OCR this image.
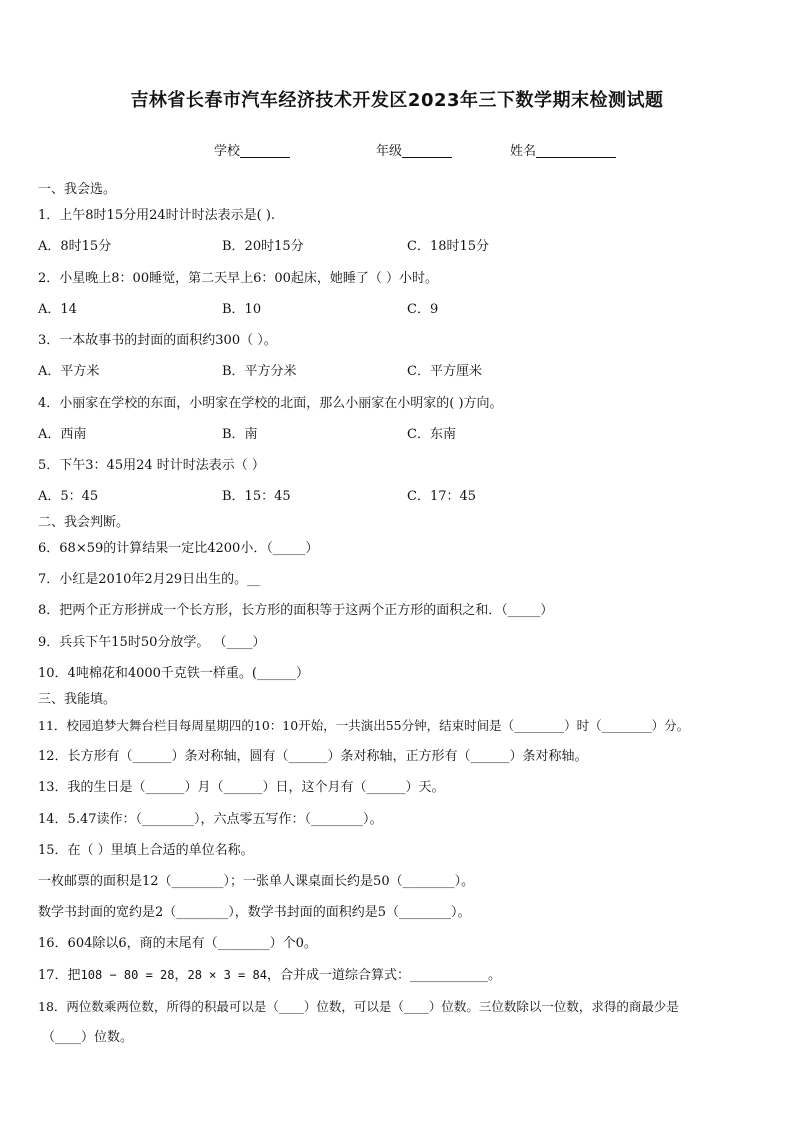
吉林省长春市汽车经济技术开发区2023年三下数学期末检测试题
学校	年级	姓名
一、我会选。
1．上午8时15分用24时计时法表示是( ).
A．8时15分	B．20时15分	C．18时15分
2．小星晚上8：00睡觉，第二天早上6：00起床，她睡了（ ）小时。
A．14	B．10	C．9
3．一本故事书的封面的面积约300（ ）。
A．平方米	B．平方分米	C．平方厘米
4．小丽家在学校的东面，小明家在学校的北面，那么小丽家在小明家的( )方向。
A．西南	B．南	C．东南
5．下午3：45用24 时计时法表示（ ）
A．5：45	B．15：45	C．17：45
二、我会判断。
6．68×59的计算结果一定比4200小．（_____）
7．小红是2010年2月29日出生的。__
8．把两个正方形拼成一个长方形，长方形的面积等于这两个正方形的面积之和．（_____）
9．兵兵下午15时50分放学。 （____）
10．4吨棉花和4000千克铁一样重。(______）
三、我能填。
11．校园追梦大舞台栏目每周星期四的10：10开始，一共演出55分钟，结束时间是（________）时（________）分。
12．长方形有（______）条对称轴，圆有（______）条对称轴，正方形有（______）条对称轴。
13．我的生日是（______）月（______）日，这个月有（______）天。
14．5.47读作：（________），六点零五写作：（________）。
15．在（ ）里填上合适的单位名称。
一枚邮票的面积是12（________）；一张单人课桌面长约是50（________）。
数学书封面的宽约是2（________），数学书封面的面积约是5（________）。
16．604除以6，商的末尾有（________）个0。
17．把108 − 80 = 28，28 × 3 = 84，合并成一道综合算式：____________。
18．两位数乘两位数，所得的积最可以是（____）位数，可以是（____）位数。三位数除以一位数，求得的商最少是
（____）位数。
